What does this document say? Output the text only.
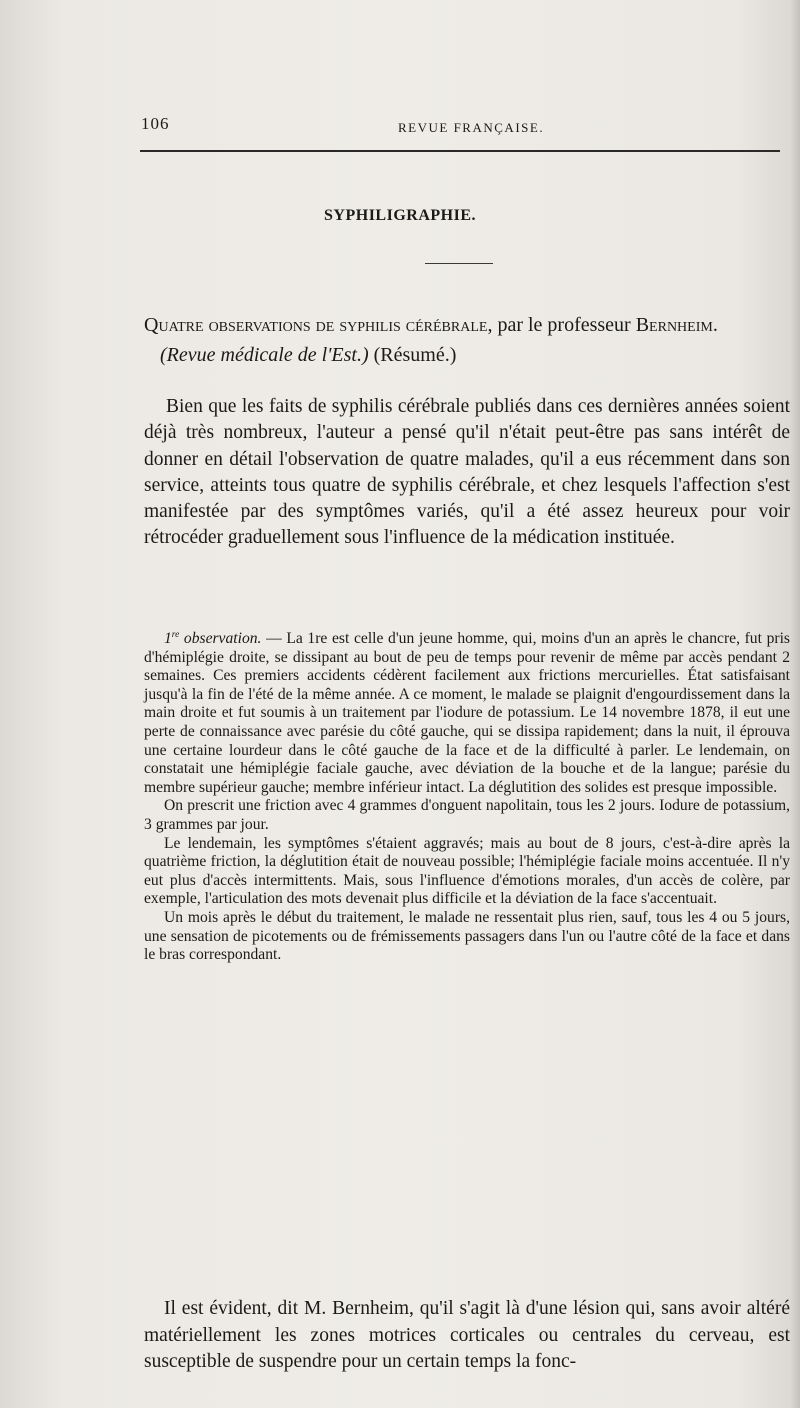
106	REVUE FRANÇAISE.
SYPHILIGRAPHIE.
Quatre observations de syphilis cérébrale, par le professeur Bernheim.
(Revue médicale de l'Est.) (Résumé.)

Bien que les faits de syphilis cérébrale publiés dans ces dernières années soient déjà très nombreux, l'auteur a pensé qu'il n'était peut-être pas sans intérêt de donner en détail l'observation de quatre malades, qu'il a eus récemment dans son service, atteints tous quatre de syphilis cérébrale, et chez lesquels l'affection s'est manifestée par des symptômes variés, qu'il a été assez heureux pour voir rétrocéder graduellement sous l'influence de la médication instituée.

1re observation. — La 1re est celle d'un jeune homme, qui, moins d'un an après le chancre, fut pris d'hémiplégie droite, se dissipant au bout de peu de temps pour revenir de même par accès pendant 2 semaines. Ces premiers accidents cédèrent facilement aux frictions mercurielles. État satisfaisant jusqu'à la fin de l'été de la même année. A ce moment, le malade se plaignit d'engourdissement dans la main droite et fut soumis à un traitement par l'iodure de potassium. Le 14 novembre 1878, il eut une perte de connaissance avec parésie du côté gauche, qui se dissipa rapidement; dans la nuit, il éprouva une certaine lourdeur dans le côté gauche de la face et de la difficulté à parler. Le lendemain, on constatait une hémiplégie faciale gauche, avec déviation de la bouche et de la langue; parésie du membre supérieur gauche; membre inférieur intact. La déglutition des solides est presque impossible.

On prescrit une friction avec 4 grammes d'onguent napolitain, tous les 2 jours. Iodure de potassium, 3 grammes par jour.

Le lendemain, les symptômes s'étaient aggravés; mais au bout de 8 jours, c'est-à-dire après la quatrième friction, la déglutition était de nouveau possible; l'hémiplégie faciale moins accentuée. Il n'y eut plus d'accès intermittents. Mais, sous l'influence d'émotions morales, d'un accès de colère, par exemple, l'articulation des mots devenait plus difficile et la déviation de la face s'accentuait.

Un mois après le début du traitement, le malade ne ressentait plus rien, sauf, tous les 4 ou 5 jours, une sensation de picotements ou de frémissements passagers dans l'un ou l'autre côté de la face et dans le bras correspondant.

Il est évident, dit M. Bernheim, qu'il s'agit là d'une lésion qui, sans avoir altéré matériellement les zones motrices corticales ou centrales du cerveau, est susceptible de suspendre pour un certain temps la fonc-
